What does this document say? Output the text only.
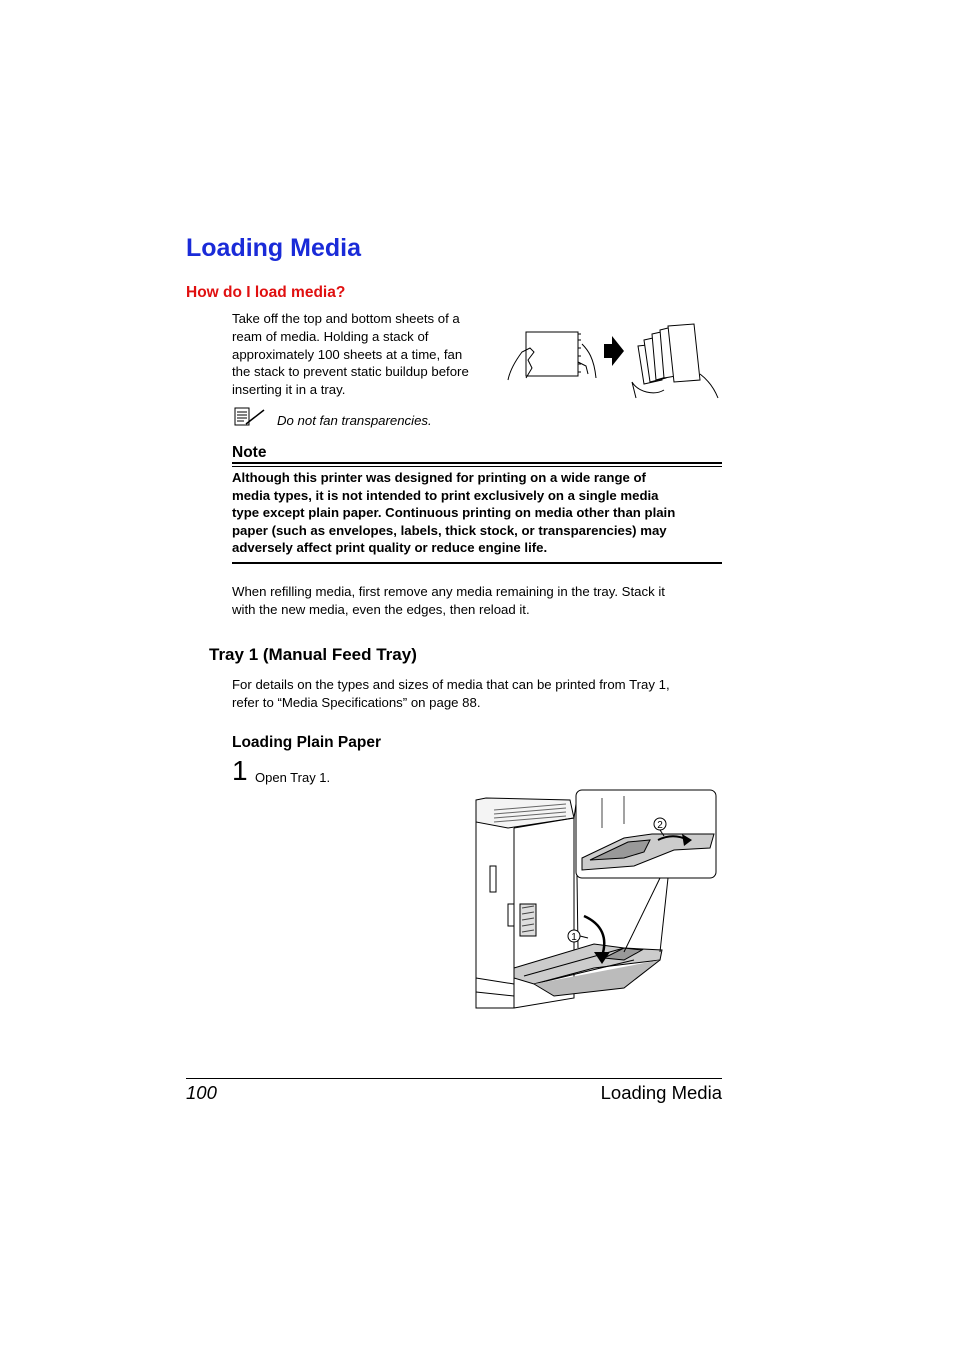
Loading Media
How do I load media?
Take off the top and bottom sheets of a
ream of media. Holding a stack of
approximately 100 sheets at a time, fan
the stack to prevent static buildup before
inserting it in a tray.
Do not fan transparencies.
Note
Although this printer was designed for printing on a wide range of
media types, it is not intended to print exclusively on a single media
type except plain paper. Continuous printing on media other than plain
paper (such as envelopes, labels, thick stock, or transparencies) may
adversely affect print quality or reduce engine life.
When refilling media, first remove any media remaining in the tray. Stack it
with the new media, even the edges, then reload it.
Tray 1 (Manual Feed Tray)
For details on the types and sizes of media that can be printed from Tray 1,
refer to “Media Specifications” on page 88.
Loading Plain Paper
1 Open Tray 1.
1
2
100	Loading Media
